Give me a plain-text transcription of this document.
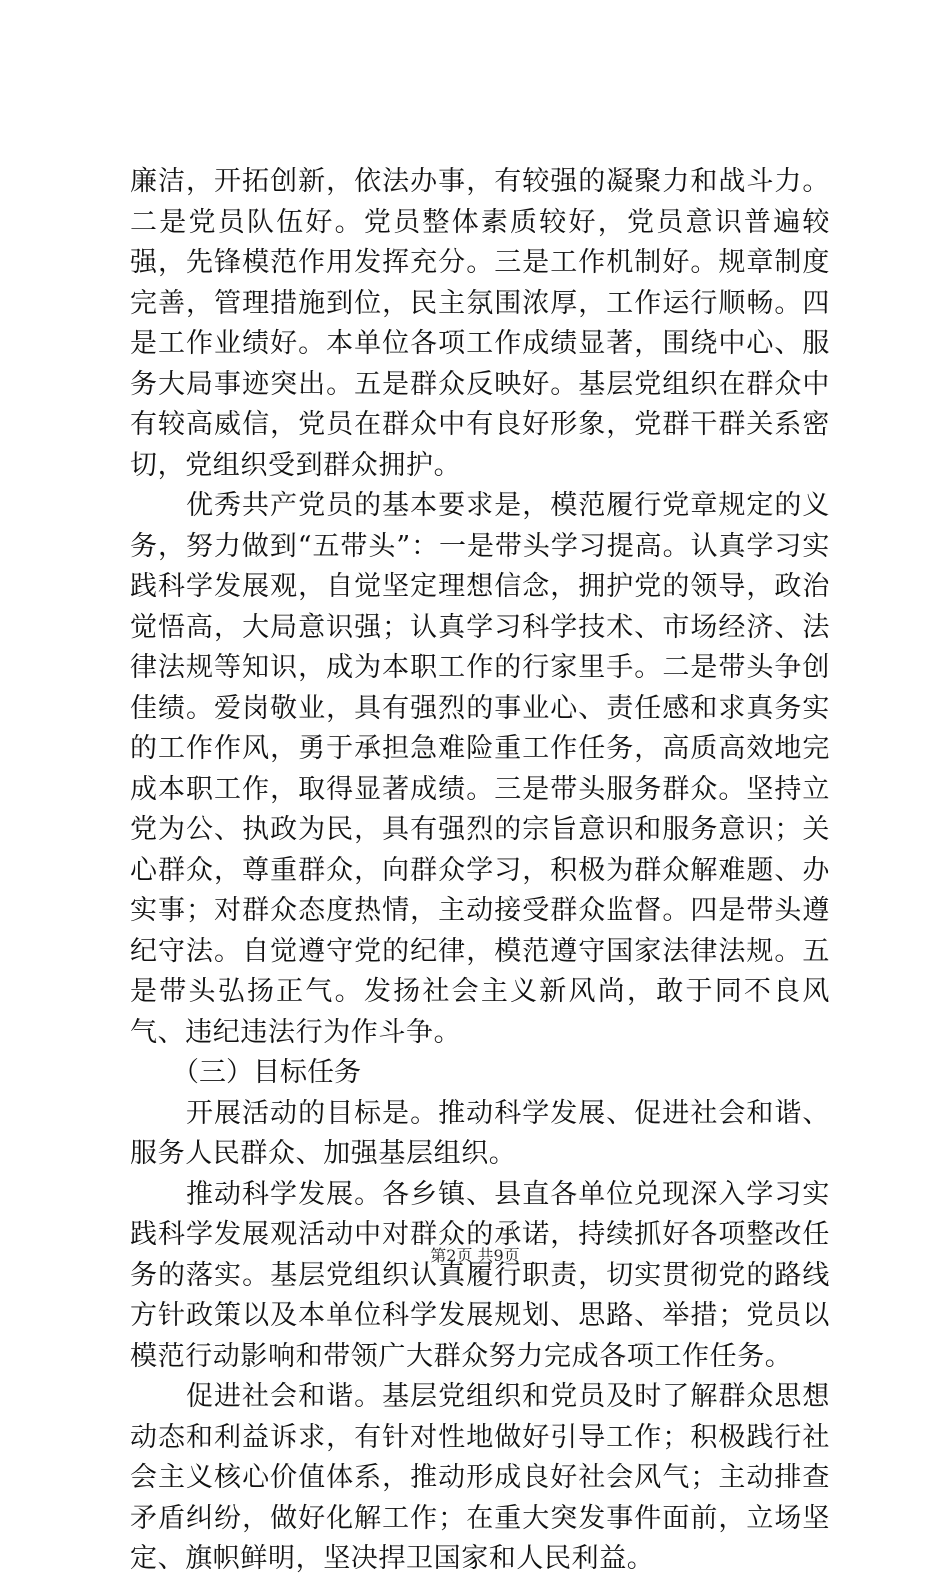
廉洁，开拓创新，依法办事，有较强的凝聚力和战斗力。二是党员队伍好。党员整体素质较好，党员意识普遍较强，先锋模范作用发挥充分。三是工作机制好。规章制度完善，管理措施到位，民主氛围浓厚，工作运行顺畅。四是工作业绩好。本单位各项工作成绩显著，围绕中心、服务大局事迹突出。五是群众反映好。基层党组织在群众中有较高威信，党员在群众中有良好形象，党群干群关系密切，党组织受到群众拥护。

优秀共产党员的基本要求是，模范履行党章规定的义务，努力做到“五带头”：一是带头学习提高。认真学习实践科学发展观，自觉坚定理想信念，拥护党的领导，政治觉悟高，大局意识强；认真学习科学技术、市场经济、法律法规等知识，成为本职工作的行家里手。二是带头争创佳绩。爱岗敬业，具有强烈的事业心、责任感和求真务实的工作作风，勇于承担急难险重工作任务，高质高效地完成本职工作，取得显著成绩。三是带头服务群众。坚持立党为公、执政为民，具有强烈的宗旨意识和服务意识；关心群众，尊重群众，向群众学习，积极为群众解难题、办实事；对群众态度热情，主动接受群众监督。四是带头遵纪守法。自觉遵守党的纪律，模范遵守国家法律法规。五是带头弘扬正气。发扬社会主义新风尚，敢于同不良风气、违纪违法行为作斗争。

（三）目标任务

开展活动的目标是。推动科学发展、促进社会和谐、服务人民群众、加强基层组织。

推动科学发展。各乡镇、县直各单位兑现深入学习实践科学发展观活动中对群众的承诺，持续抓好各项整改任务的落实。基层党组织认真履行职责，切实贯彻党的路线方针政策以及本单位科学发展规划、思路、举措；党员以模范行动影响和带领广大群众努力完成各项工作任务。

促进社会和谐。基层党组织和党员及时了解群众思想动态和利益诉求，有针对性地做好引导工作；积极践行社会主义核心价值体系，推动形成良好社会风气；主动排查矛盾纠纷，做好化解工作；在重大突发事件面前，立场坚定、旗帜鲜明，坚决捍卫国家和人民利益。

第2页 共9页
